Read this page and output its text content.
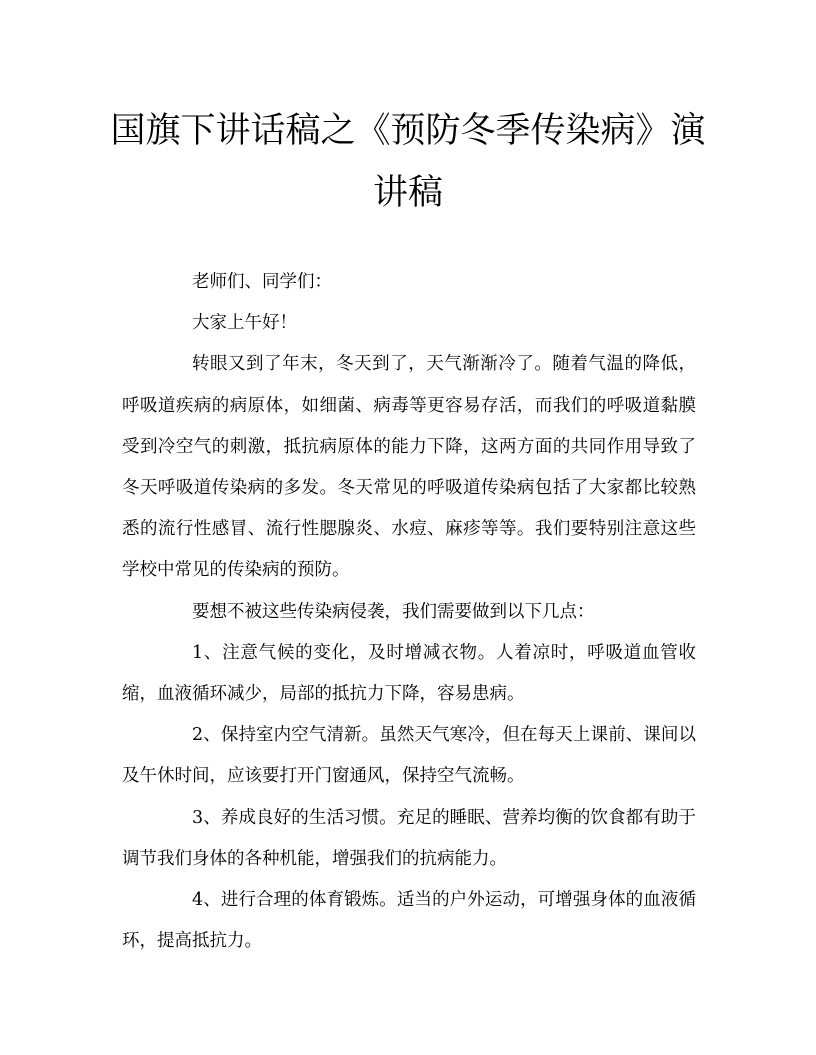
国旗下讲话稿之《预防冬季传染病》演讲稿

老师们、同学们：

大家上午好！

转眼又到了年末，冬天到了，天气渐渐冷了。随着气温的降低，呼吸道疾病的病原体，如细菌、病毒等更容易存活，而我们的呼吸道黏膜受到冷空气的刺激，抵抗病原体的能力下降，这两方面的共同作用导致了冬天呼吸道传染病的多发。冬天常见的呼吸道传染病包括了大家都比较熟悉的流行性感冒、流行性腮腺炎、水痘、麻疹等等。我们要特别注意这些学校中常见的传染病的预防。

要想不被这些传染病侵袭，我们需要做到以下几点：

1、注意气候的变化，及时增减衣物。人着凉时，呼吸道血管收缩，血液循环减少，局部的抵抗力下降，容易患病。

2、保持室内空气清新。虽然天气寒冷，但在每天上课前、课间以及午休时间，应该要打开门窗通风，保持空气流畅。

3、养成良好的生活习惯。充足的睡眠、营养均衡的饮食都有助于调节我们身体的各种机能，增强我们的抗病能力。

4、进行合理的体育锻炼。适当的户外运动，可增强身体的血液循环，提高抵抗力。
